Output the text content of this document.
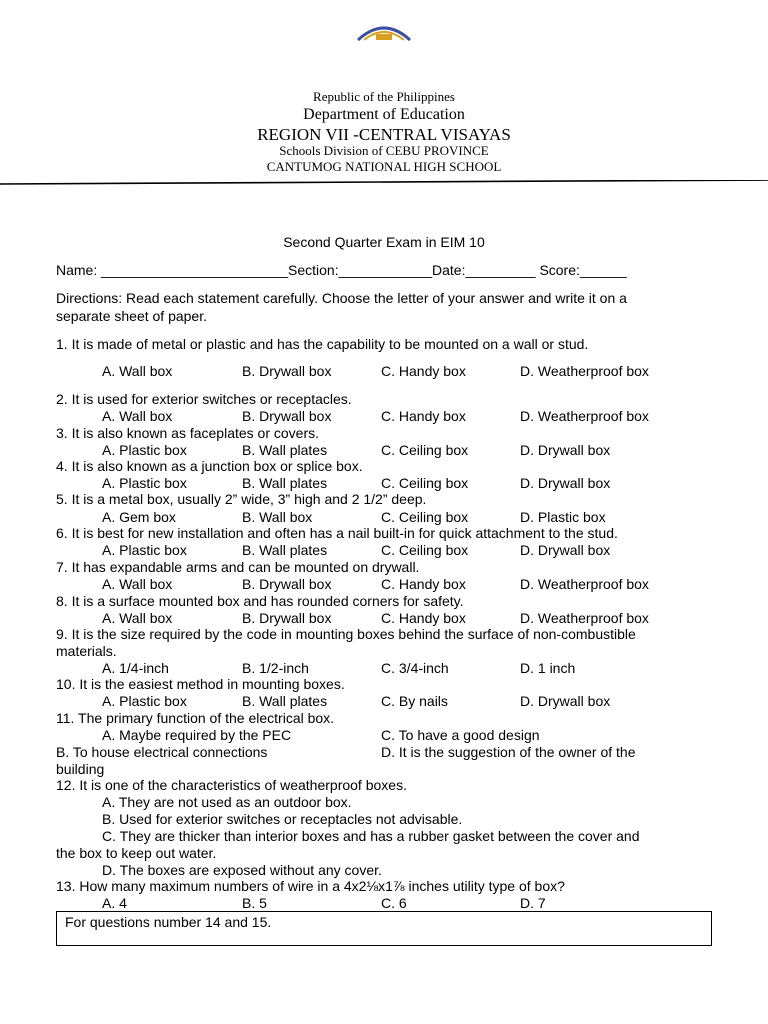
Republic of the Philippines
Department of Education
REGION VII -CENTRAL VISAYAS
Schools Division of CEBU PROVINCE
CANTUMOG NATIONAL HIGH SCHOOL
Second Quarter Exam in EIM 10
Name: ________________________Section:____________Date:_________ Score:______
Directions: Read each statement carefully. Choose the letter of your answer and write it on a
separate sheet of paper.
1. It is made of metal or plastic and has the capability to be mounted on a wall or stud.
A. Wall box	B. Drywall box	C. Handy box	D. Weatherproof box
2. It is used for exterior switches or receptacles.
A. Wall box	B. Drywall box	C. Handy box	D. Weatherproof box
3. It is also known as faceplates or covers.
A. Plastic box	B. Wall plates	C. Ceiling box	D. Drywall box
4. It is also known as a junction box or splice box.
A. Plastic box	B. Wall plates	C. Ceiling box	D. Drywall box
5. It is a metal box, usually 2” wide, 3” high and 2 1/2” deep.
A. Gem box	B. Wall box	C. Ceiling box	D. Plastic box
6. It is best for new installation and often has a nail built-in for quick attachment to the stud.
A. Plastic box	B. Wall plates	C. Ceiling box	D. Drywall box
7. It has expandable arms and can be mounted on drywall.
A. Wall box	B. Drywall box	C. Handy box	D. Weatherproof box
8. It is a surface mounted box and has rounded corners for safety.
A. Wall box	B. Drywall box	C. Handy box	D. Weatherproof box
9. It is the size required by the code in mounting boxes behind the surface of non-combustible
materials.
A. 1/4-inch	B. 1/2-inch	C. 3/4-inch	D. 1 inch
10. It is the easiest method in mounting boxes.
A. Plastic box	B. Wall plates	C. By nails	D. Drywall box
11. The primary function of the electrical box.
A. Maybe required by the PEC	C. To have a good design
B. To house electrical connections	D. It is the suggestion of the owner of the
building
12. It is one of the characteristics of weatherproof boxes.
A. They are not used as an outdoor box.
B. Used for exterior switches or receptacles not advisable.
C. They are thicker than interior boxes and has a rubber gasket between the cover and
the box to keep out water.
D. The boxes are exposed without any cover.
13. How many maximum numbers of wire in a 4x2⅛x1⅞ inches utility type of box?
A. 4	B. 5	C. 6	D. 7
For questions number 14 and 15.
